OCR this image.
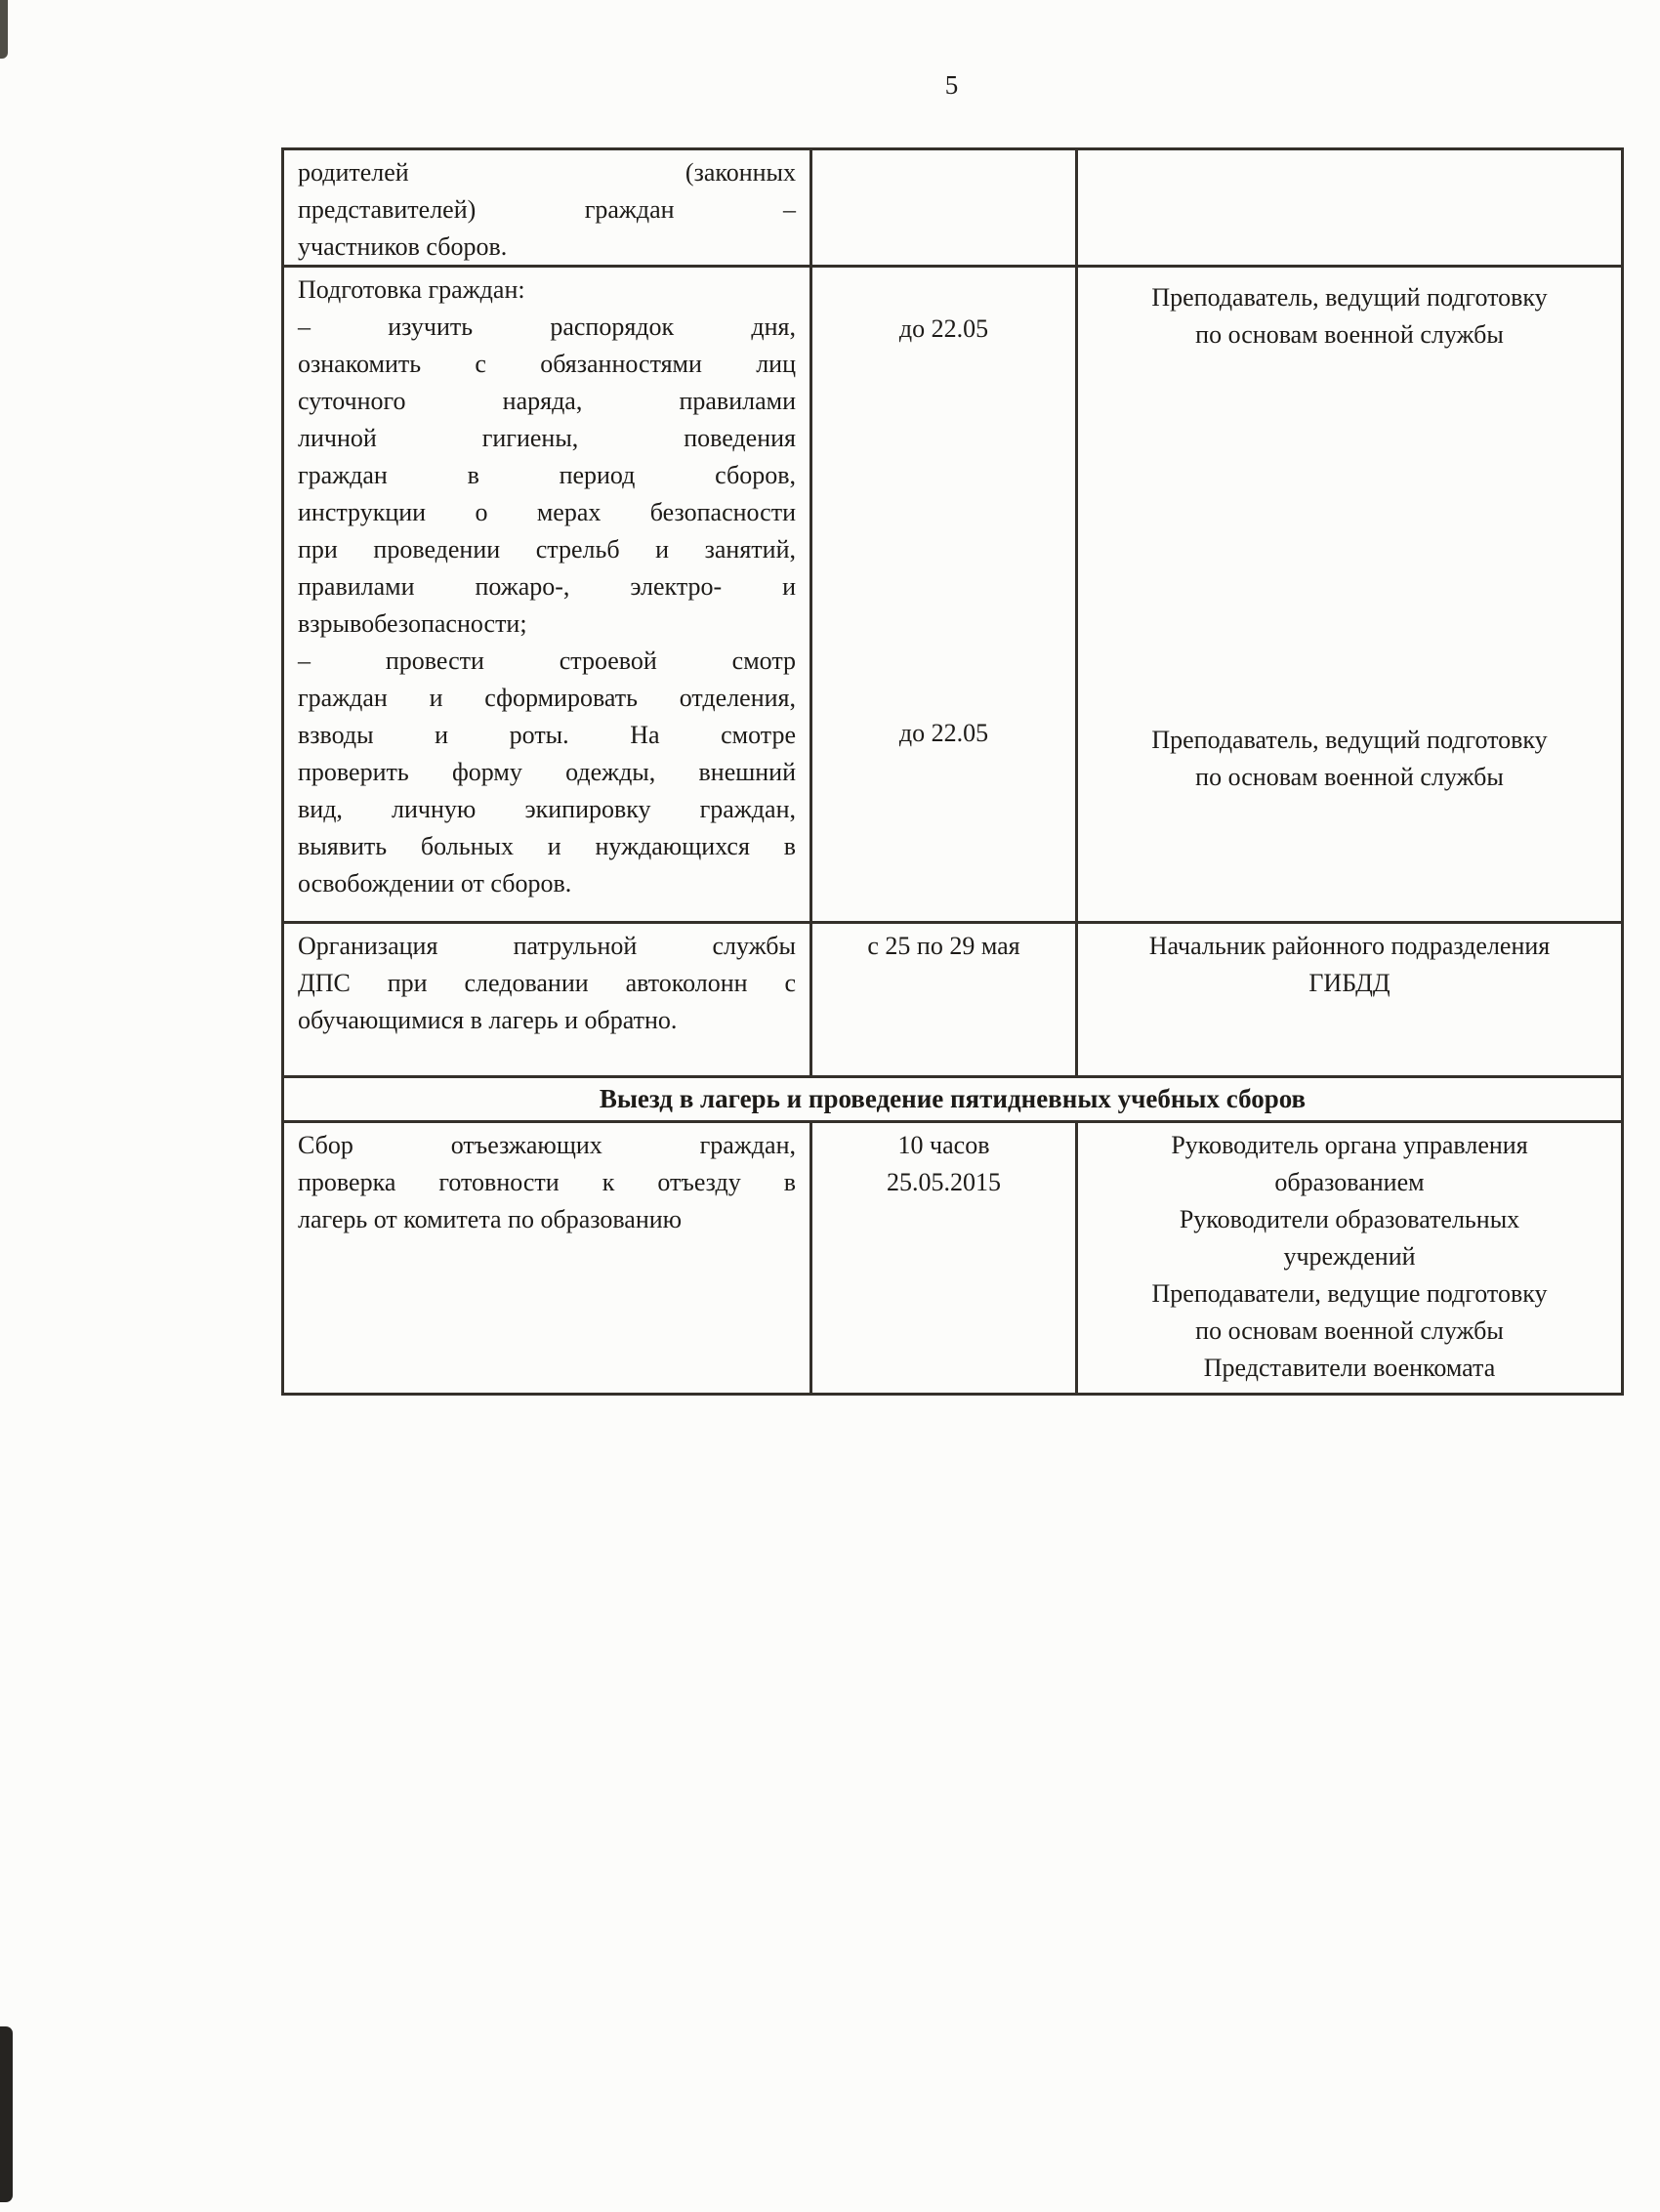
5
родителей (законных
представителей) граждан –
участников сборов.
Подготовка граждан:
– изучить распорядок дня,
ознакомить с обязанностями лиц
суточного наряда, правилами
личной гигиены, поведения
граждан в период сборов,
инструкции о мерах безопасности
при проведении стрельб и занятий,
правилами пожаро-, электро- и
взрывобезопасности;
– провести строевой смотр
граждан и сформировать отделения,
взводы и роты. На смотре
проверить форму одежды, внешний
вид, личную экипировку граждан,
выявить больных и нуждающихся в
освобождении от сборов.
до 22.05
до 22.05
Преподаватель, ведущий подготовку
по основам военной службы
Преподаватель, ведущий подготовку
по основам военной службы
Организация патрульной службы
ДПС при следовании автоколонн с
обучающимися в лагерь и обратно.
с 25 по 29 мая	Начальник районного подразделения
ГИБДД
Выезд в лагерь и проведение пятидневных учебных сборов
Сбор отъезжающих граждан,
проверка готовности к отъезду в
лагерь от комитета по образованию
10 часов
25.05.2015
Руководитель органа управления
образованием
Руководители образовательных
учреждений
Преподаватели, ведущие подготовку
по основам военной службы
Представители военкомата
